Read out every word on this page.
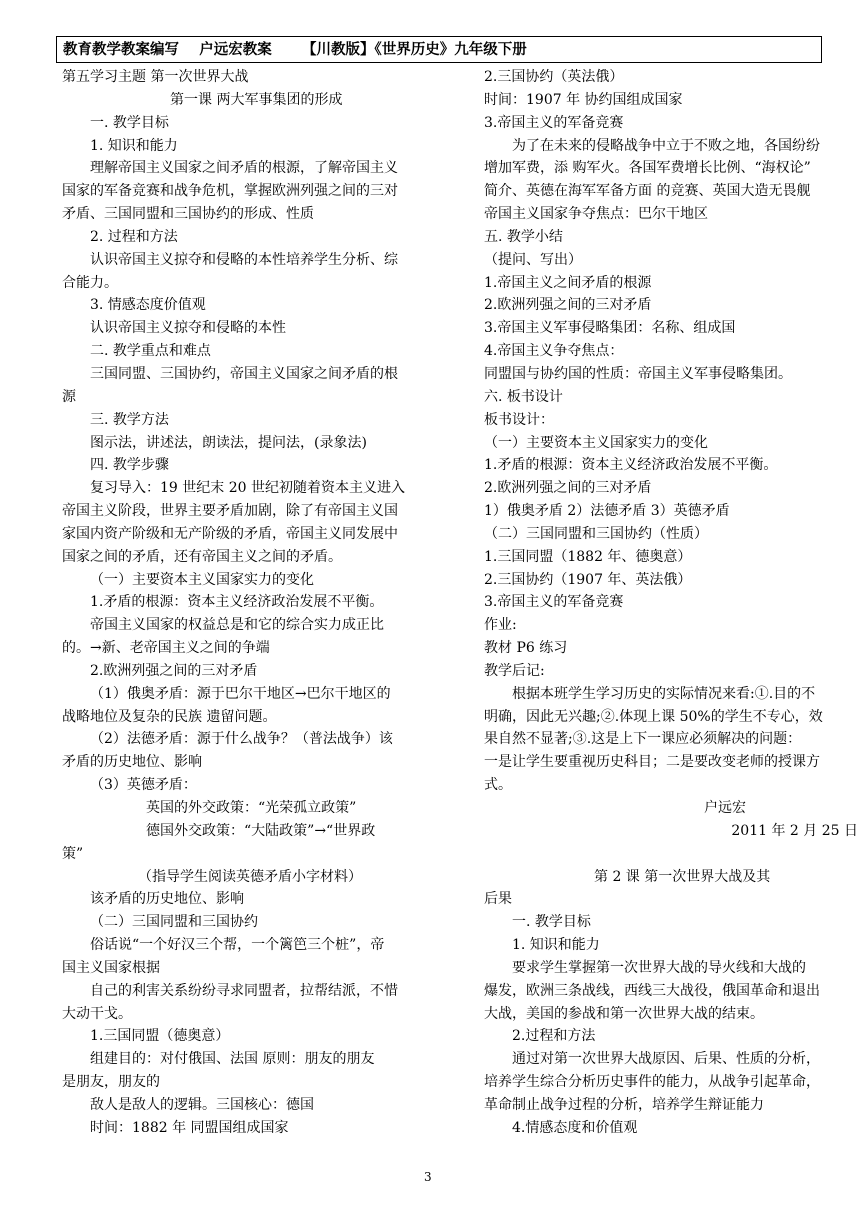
教育教学教案编写    户远宏教案      【川教版】《世界历史》九年级下册
第五学习主题 第一次世界大战
第一课 两大军事集团的形成
一. 教学目标
1. 知识和能力
理解帝国主义国家之间矛盾的根源，了解帝国主义
国家的军备竞赛和战争危机，掌握欧洲列强之间的三对
矛盾、三国同盟和三国协约的形成、性质
2. 过程和方法
认识帝国主义掠夺和侵略的本性培养学生分析、综
合能力。
3. 情感态度价值观
认识帝国主义掠夺和侵略的本性
二. 教学重点和难点
三国同盟、三国协约，帝国主义国家之间矛盾的根
源
三. 教学方法
图示法，讲述法，朗读法，提问法，(录象法)
四. 教学步骤
复习导入：19 世纪末 20 世纪初随着资本主义进入
帝国主义阶段，世界主要矛盾加剧，除了有帝国主义国
家国内资产阶级和无产阶级的矛盾，帝国主义同发展中
国家之间的矛盾，还有帝国主义之间的矛盾。
（一）主要资本主义国家实力的变化
1.矛盾的根源：资本主义经济政治发展不平衡。
帝国主义国家的权益总是和它的综合实力成正比
的。→新、老帝国主义之间的争端
2.欧洲列强之间的三对矛盾
（1）俄奥矛盾：源于巴尔干地区→巴尔干地区的
战略地位及复杂的民族 遗留问题。
（2）法德矛盾：源于什么战争？（普法战争）该
矛盾的历史地位、影响
（3）英德矛盾：
英国的外交政策：“光荣孤立政策”
德国外交政策：“大陆政策”→“世界政
策”
（指导学生阅读英德矛盾小字材料）
该矛盾的历史地位、影响
（二）三国同盟和三国协约
俗话说“一个好汉三个帮，一个篱笆三个桩”，帝
国主义国家根据
自己的利害关系纷纷寻求同盟者，拉帮结派，不惜
大动干戈。
1.三国同盟（德奥意）
组建目的：对付俄国、法国 原则：朋友的朋友
是朋友，朋友的
敌人是敌人的逻辑。三国核心：德国
时间：1882 年 同盟国组成国家
2.三国协约（英法俄）
时间：1907 年 协约国组成国家
3.帝国主义的军备竞赛
为了在未来的侵略战争中立于不败之地，各国纷纷
增加军费，添 购军火。各国军费增长比例、“海权论”
简介、英德在海军军备方面 的竞赛、英国大造无畏舰
帝国主义国家争夺焦点：巴尔干地区
五. 教学小结
（提问、写出）
1.帝国主义之间矛盾的根源
2.欧洲列强之间的三对矛盾
3.帝国主义军事侵略集团：名称、组成国
4.帝国主义争夺焦点：
同盟国与协约国的性质：帝国主义军事侵略集团。
六. 板书设计
板书设计：
（一）主要资本主义国家实力的变化
1.矛盾的根源：资本主义经济政治发展不平衡。
2.欧洲列强之间的三对矛盾
1）俄奥矛盾 2）法德矛盾 3）英德矛盾
（二）三国同盟和三国协约（性质）
1.三国同盟（1882 年、德奥意）
2.三国协约（1907 年、英法俄）
3.帝国主义的军备竞赛
作业:
教材 P6 练习
教学后记:
根据本班学生学习历史的实际情况来看:①.目的不
明确，因此无兴趣;②.体现上课 50%的学生不专心，效
果自然不显著;③.这是上下一课应必须解决的问题：
一是让学生要重视历史科目；二是要改变老师的授课方
式。
户远宏
2011 年 2 月 25 日
第 2 课 第一次世界大战及其
后果
一. 教学目标
1. 知识和能力
要求学生掌握第一次世界大战的导火线和大战的
爆发，欧洲三条战线，西线三大战役，俄国革命和退出
大战，美国的参战和第一次世界大战的结束。
2.过程和方法
通过对第一次世界大战原因、后果、性质的分析，
培养学生综合分析历史事件的能力，从战争引起革命，
革命制止战争过程的分析，培养学生辩证能力
4.情感态度和价值观
3
